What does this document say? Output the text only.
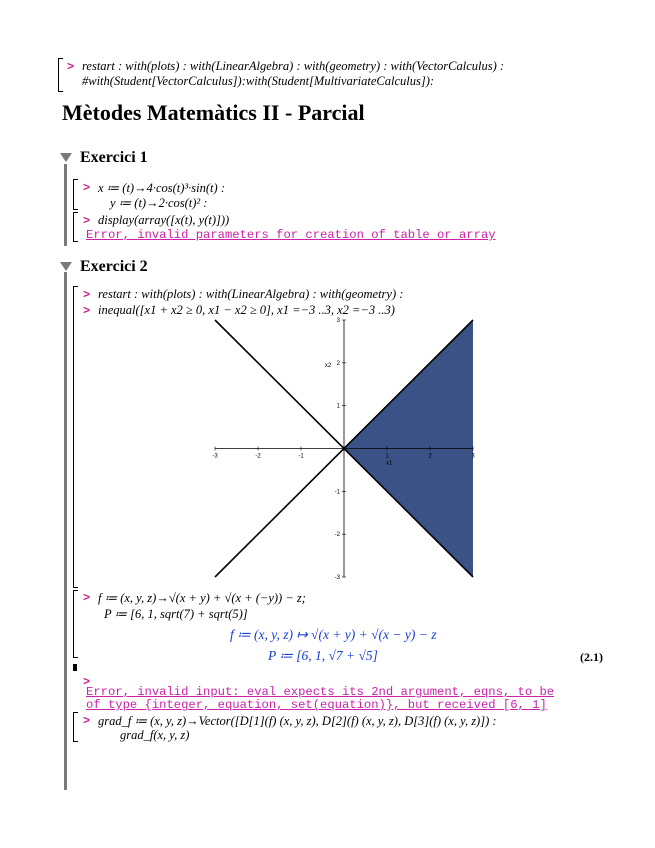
> restart : with(plots) : with(LinearAlgebra) : with(geometry) : with(VectorCalculus) :
#with(Student[VectorCalculus]):with(Student[MultivariateCalculus]):
Mètodes Matemàtics II - Parcial
Exercici 1
> x ≔ (t)→4·cos(t)³·sin(t) :
y ≔ (t)→2·cos(t)² :
> display(array([x(t), y(t)]))
Error, invalid parameters for creation of table or array
Exercici 2
> restart : with(plots) : with(LinearAlgebra) : with(geometry) :
> inequal([x1 + x2 ≥ 0, x1 − x2 ≥ 0], x1 =−3 ..3, x2 =−3 ..3)
-3	-2	-1	1	2	3
-3
-2
-1
1
2
3
x1
x2
> f ≔ (x, y, z)→√(x + y) + √(x + (−y)) − z;
P ≔ [6, 1, sqrt(7) + sqrt(5)]
f ≔ (x, y, z) ↦ √(x + y) + √(x − y) − z
P ≔ [6, 1, √7 + √5]	(2.1)
>
Error, invalid input: eval expects its 2nd argument, eqns, to be
of type {integer, equation, set(equation)}, but received [6, 1]
> grad_f ≔ (x, y, z)→Vector([D[1](f) (x, y, z), D[2](f) (x, y, z), D[3](f) (x, y, z)]) :
grad_f(x, y, z)
